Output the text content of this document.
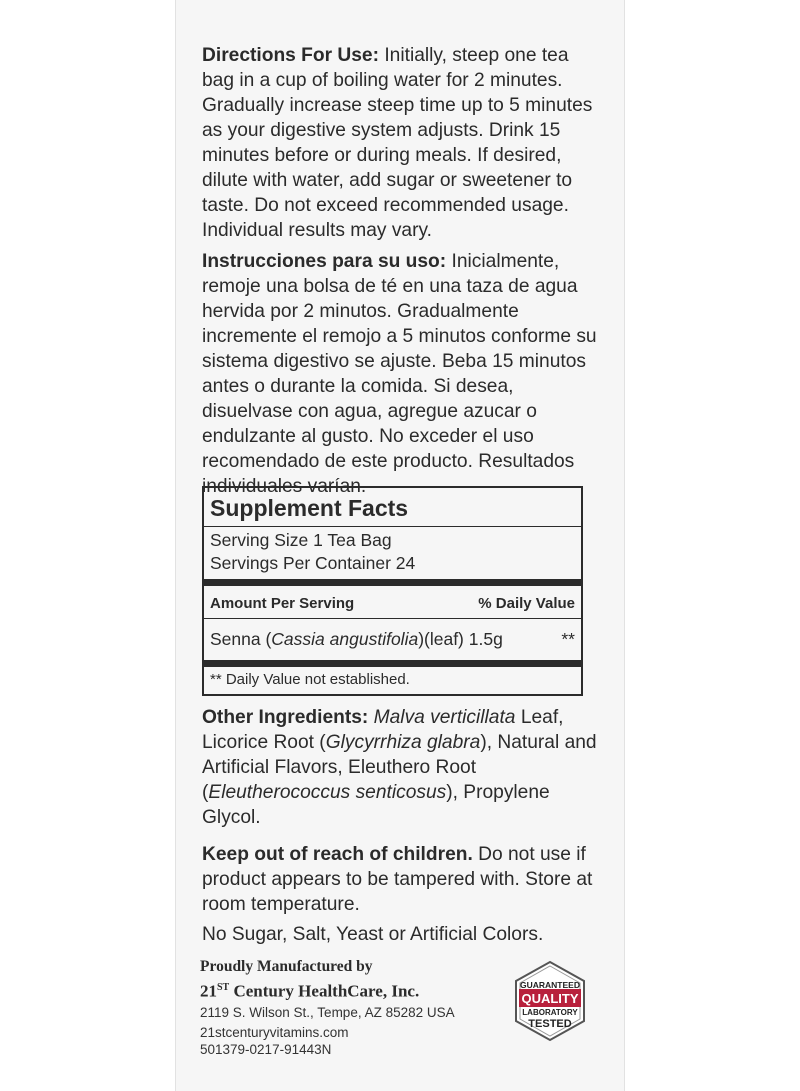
Directions For Use: Initially, steep one tea bag in a cup of boiling water for 2 minutes. Gradually increase steep time up to 5 minutes as your digestive system adjusts. Drink 15 minutes before or during meals. If desired, dilute with water, add sugar or sweetener to taste. Do not exceed recommended usage. Individual results may vary.
Instrucciones para su uso: Inicialmente, remoje una bolsa de té en una taza de agua hervida por 2 minutos. Gradualmente incremente el remojo a 5 minutos conforme su sistema digestivo se ajuste. Beba 15 minutos antes o durante la comida. Si desea, disuelvase con agua, agregue azucar o endulzante al gusto. No exceder el uso recomendado de este producto. Resultados individuales varían.
Supplement Facts
Serving Size 1 Tea Bag
Servings Per Container 24
Amount Per Serving	% Daily Value
Senna (Cassia angustifolia)(leaf) 1.5g	**
** Daily Value not established.
Other Ingredients: Malva verticillata Leaf, Licorice Root (Glycyrrhiza glabra), Natural and Artificial Flavors, Eleuthero Root (Eleutherococcus senticosus), Propylene Glycol.
Keep out of reach of children. Do not use if product appears to be tampered with. Store at room temperature.
No Sugar, Salt, Yeast or Artificial Colors.
Proudly Manufactured by
21ST Century HealthCare, Inc.
2119 S. Wilson St., Tempe, AZ 85282 USA
21stcenturyvitamins.com
501379-0217-91443N
GUARANTEED
QUALITY
LABORATORY
TESTED
